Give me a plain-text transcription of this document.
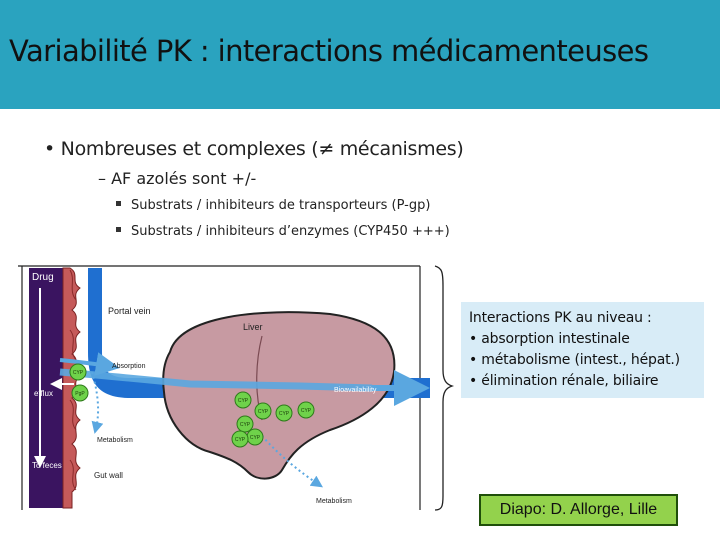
Variabilité PK : interactions médicamenteuses
• Nombreuses et complexes (≠ mécanismes)
– AF azolés sont +/-
Substrats / inhibiteurs de transporteurs (P-gp)
Substrats / inhibiteurs d’enzymes (CYP450 +++)
CYP
PgP
CYP
CYP
CYP
CYP
CYP
CYP CYP
Drug
Portal vein
Liver
Absorption
efflux	Bioavailability
Metabolism
To feces
Gut wall
Metabolism
Interactions PK au niveau :
• absorption intestinale
• métabolisme (intest., hépat.)
• élimination rénale, biliaire
Diapo: D. Allorge, Lille
